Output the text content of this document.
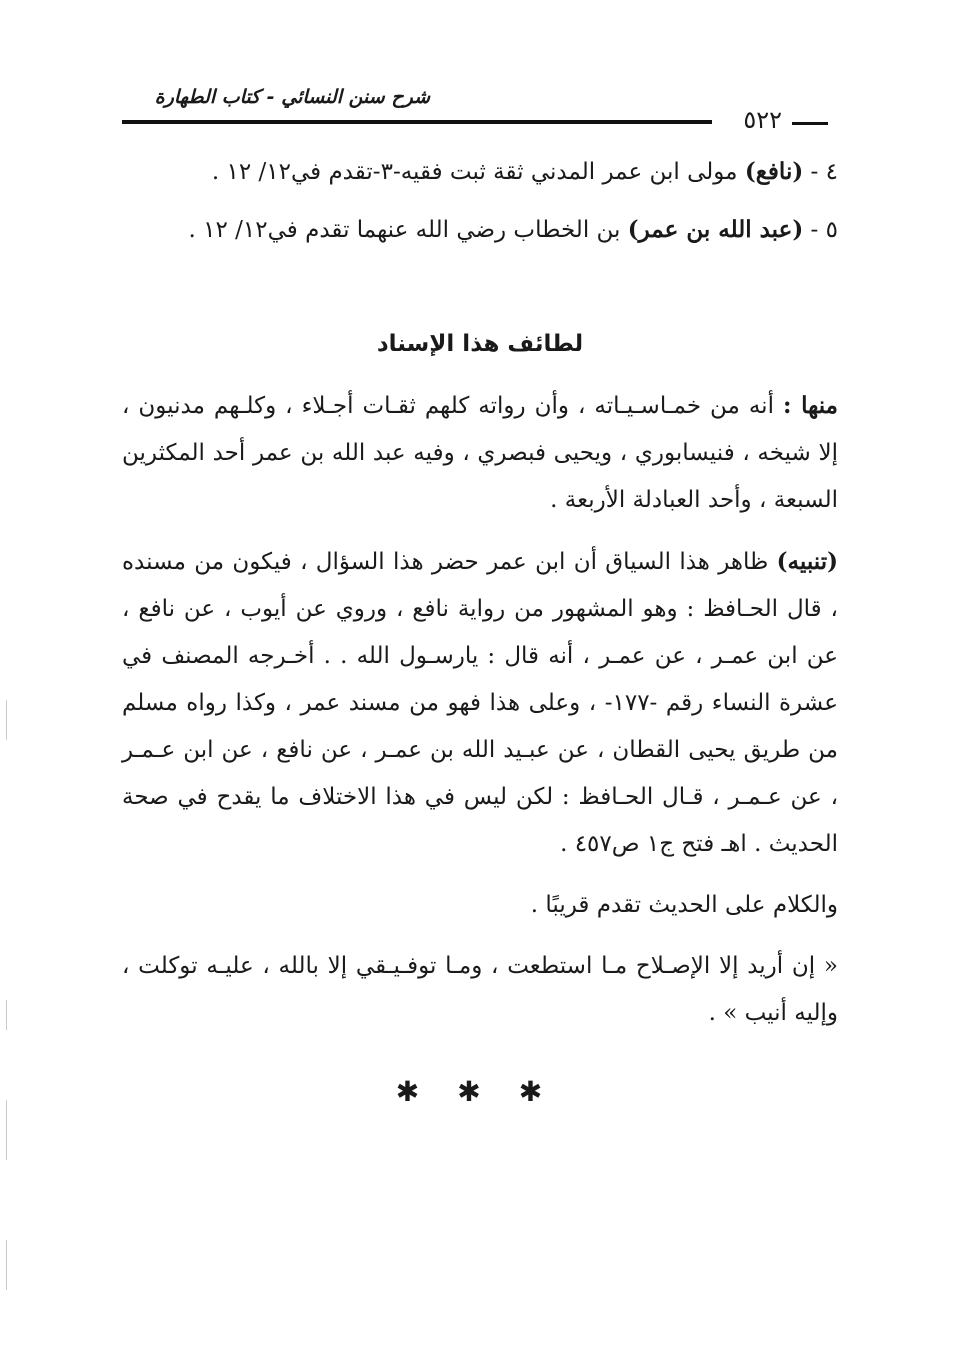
شرح سنن النسائي - كتاب الطهارة
٥٢٢
٤ - (نافع) مولى ابن عمر المدني ثقة ثبت فقيه-٣-تقدم في١٢/ ١٢ .
٥ - (عبد الله بن عمر) بن الخطاب رضي الله عنهما تقدم في١٢/ ١٢ .
لطائف هذا الإسناد

منها : أنه من خمـاسـيـاته ، وأن رواته كلهم ثقـات أجـلاء ، وكلـهم مدنيون ، إلا شيخه ، فنيسابوري ، ويحيى فبصري ، وفيه عبد الله بن عمر أحد المكثرين السبعة ، وأحد العبادلة الأربعة .

(تنبيه) ظاهر هذا السياق أن ابن عمر حضر هذا السؤال ، فيكون من مسنده ، قال الحـافظ : وهو المشهور من رواية نافع ، وروي عن أيوب ، عن نافع ، عن ابن عمـر ، عن عمـر ، أنه قال : يارسـول الله . . أخـرجه المصنف في عشرة النساء رقم -١٧٧- ، وعلى هذا فهو من مسند عمر ، وكذا رواه مسلم من طريق يحيى القطان ، عن عبـيد الله بن عمـر ، عن نافع ، عن ابن عـمـر ، عن عـمـر ، قـال الحـافظ : لكن ليس في هذا الاختلاف ما يقدح في صحة الحديث . اهـ فتح ج١ ص٤٥٧ .

والكلام على الحديث تقدم قريبًا .

« إن أريد إلا الإصـلاح مـا استطعت ، ومـا توفـيـقي إلا بالله ، عليـه توكلت ، وإليه أنيب » .

✱✱✱
